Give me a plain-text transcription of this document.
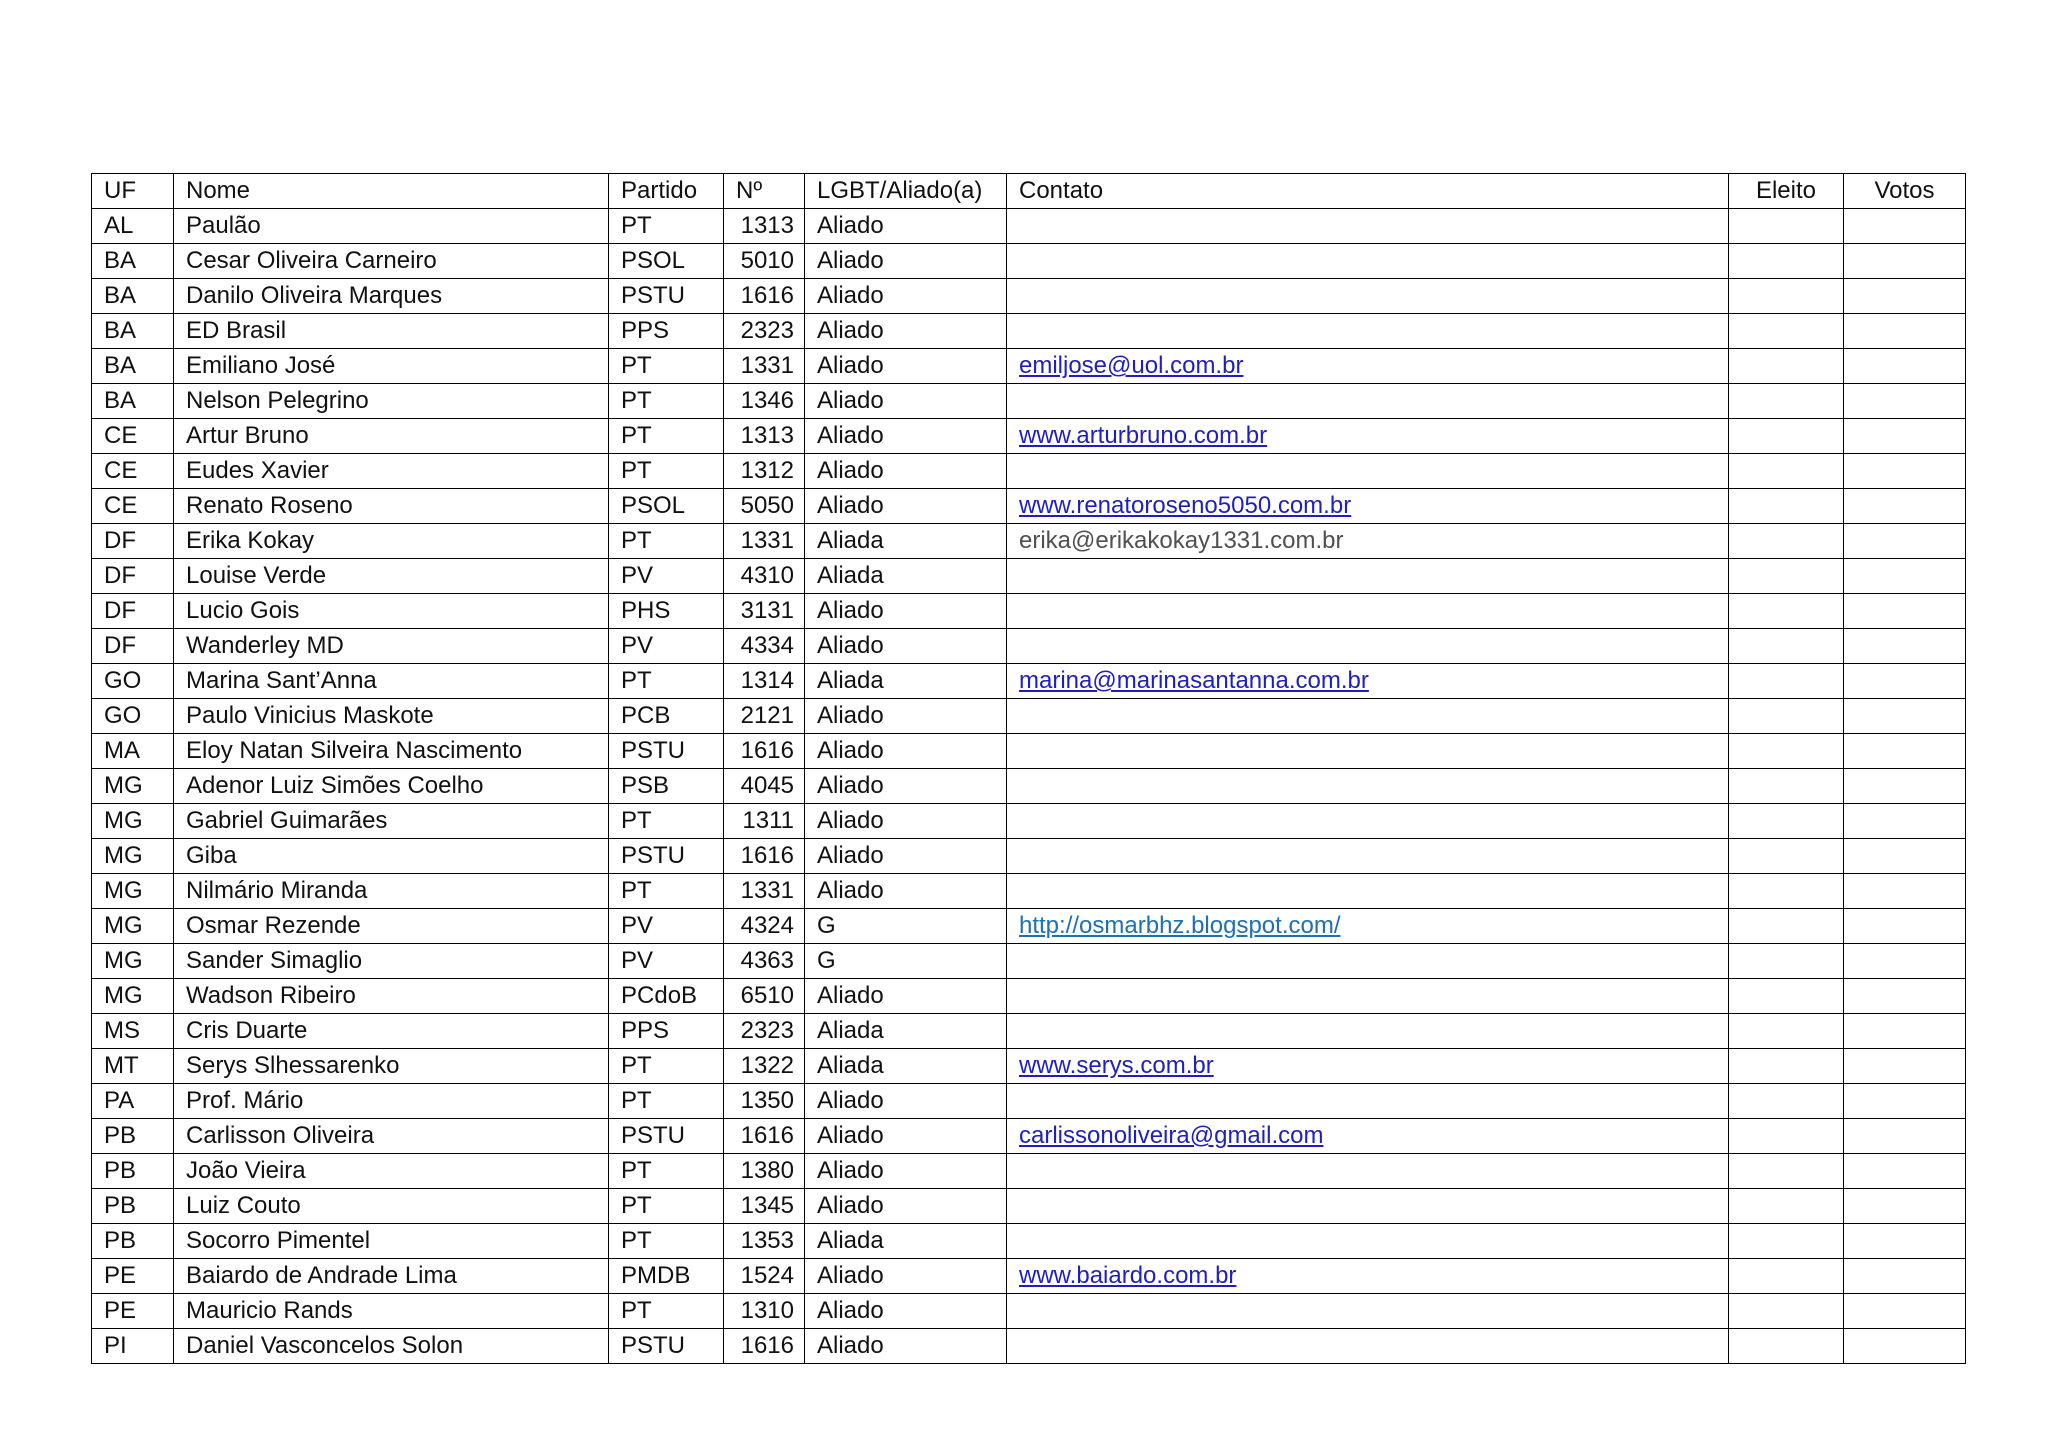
UF	Nome	Partido	Nº	LGBT/Aliado(a)	Contato	Eleito	Votos
AL	Paulão	PT	1313	Aliado			
BA	Cesar Oliveira Carneiro	PSOL	5010	Aliado			
BA	Danilo Oliveira Marques	PSTU	1616	Aliado			
BA	ED Brasil	PPS	2323	Aliado			
BA	Emiliano José	PT	1331	Aliado	emiljose@uol.com.br		
BA	Nelson Pelegrino	PT	1346	Aliado			
CE	Artur Bruno	PT	1313	Aliado	www.arturbruno.com.br		
CE	Eudes Xavier	PT	1312	Aliado			
CE	Renato Roseno	PSOL	5050	Aliado	www.renatoroseno5050.com.br		
DF	Erika Kokay	PT	1331	Aliada	erika@erikakokay1331.com.br		
DF	Louise Verde	PV	4310	Aliada			
DF	Lucio Gois	PHS	3131	Aliado			
DF	Wanderley MD	PV	4334	Aliado			
GO	Marina Sant’Anna	PT	1314	Aliada	marina@marinasantanna.com.br		
GO	Paulo Vinicius Maskote	PCB	2121	Aliado			
MA	Eloy Natan Silveira Nascimento	PSTU	1616	Aliado			
MG	Adenor Luiz Simões Coelho	PSB	4045	Aliado			
MG	Gabriel Guimarães	PT	1311	Aliado			
MG	Giba	PSTU	1616	Aliado			
MG	Nilmário Miranda	PT	1331	Aliado			
MG	Osmar Rezende	PV	4324	G	http://osmarbhz.blogspot.com/		
MG	Sander Simaglio	PV	4363	G			
MG	Wadson Ribeiro	PCdoB	6510	Aliado			
MS	Cris Duarte	PPS	2323	Aliada			
MT	Serys Slhessarenko	PT	1322	Aliada	www.serys.com.br		
PA	Prof. Mário	PT	1350	Aliado			
PB	Carlisson Oliveira	PSTU	1616	Aliado	carlissonoliveira@gmail.com		
PB	João Vieira	PT	1380	Aliado			
PB	Luiz Couto	PT	1345	Aliado			
PB	Socorro Pimentel	PT	1353	Aliada			
PE	Baiardo de Andrade Lima	PMDB	1524	Aliado	www.baiardo.com.br		
PE	Mauricio Rands	PT	1310	Aliado			
PI	Daniel Vasconcelos Solon	PSTU	1616	Aliado			
